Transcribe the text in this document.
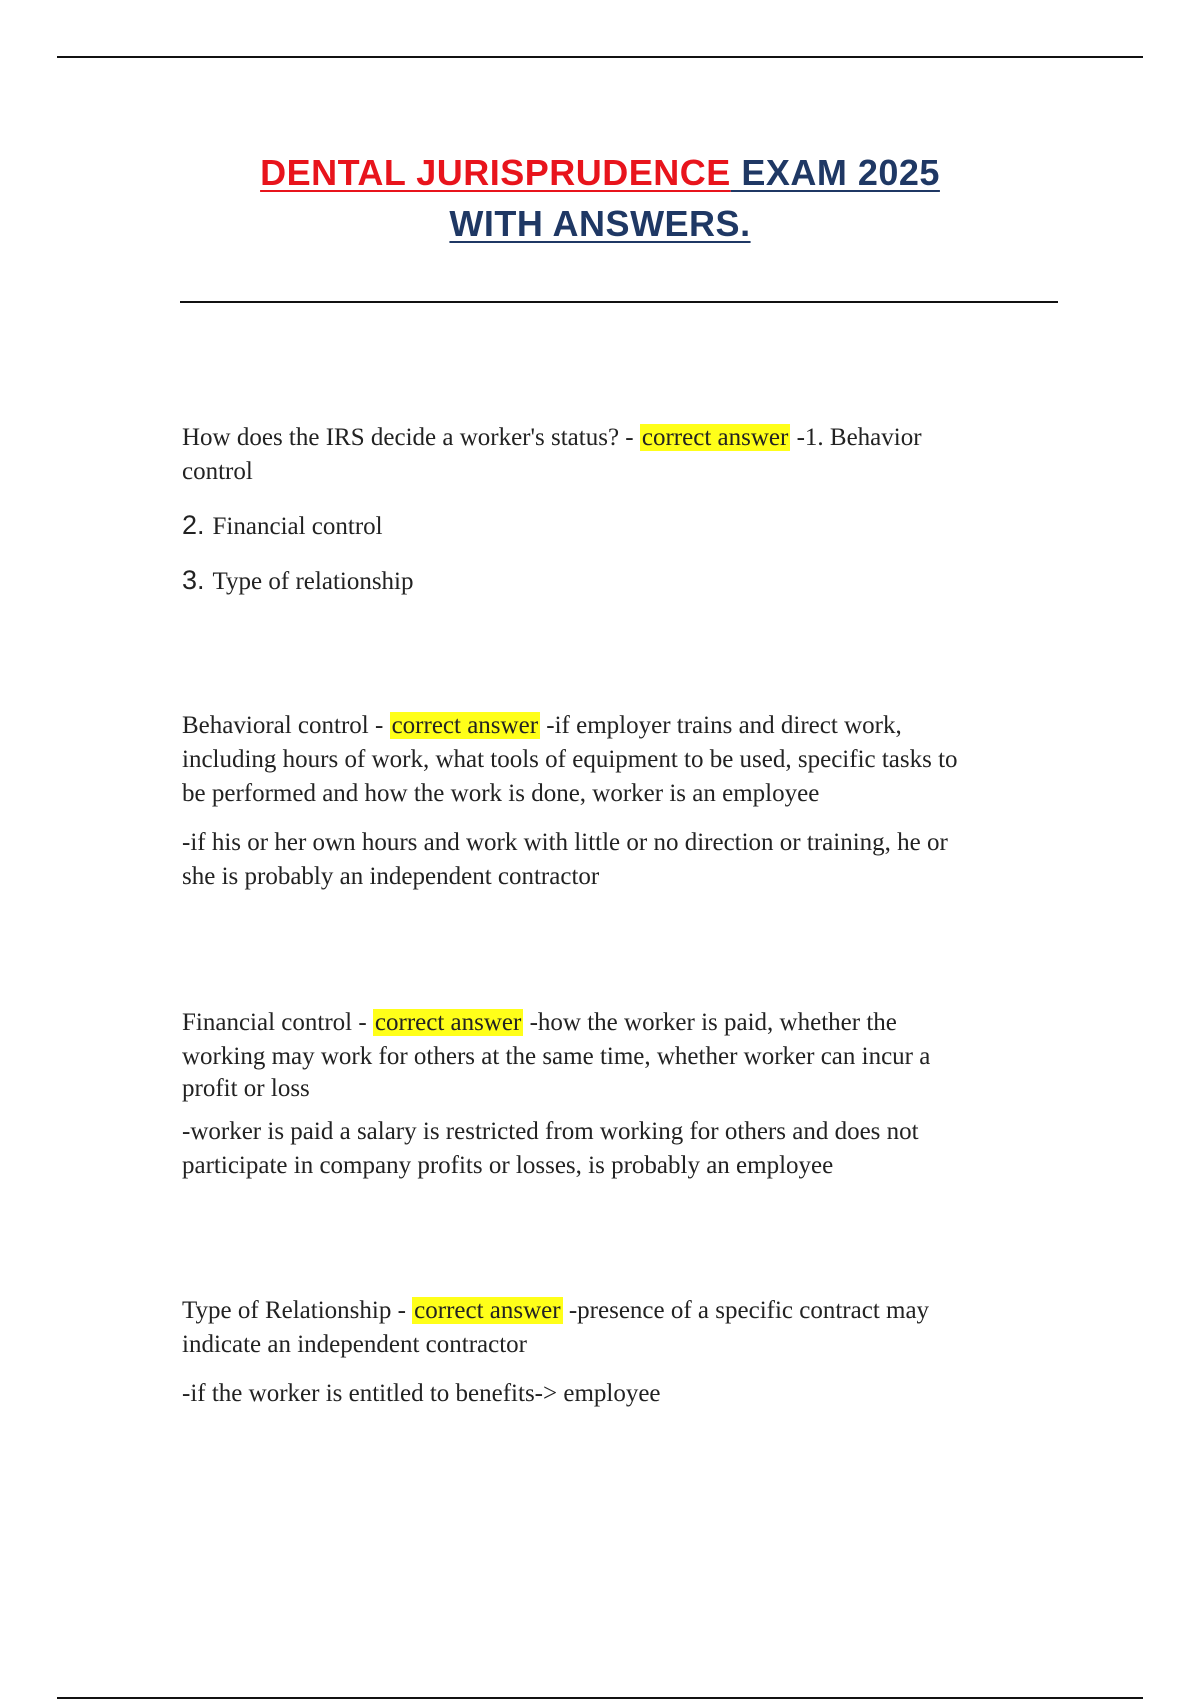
DENTAL JURISPRUDENCE EXAM 2025
WITH ANSWERS.
How does the IRS decide a worker's status? - correct answer -1. Behavior
control
2. Financial control
3. Type of relationship
Behavioral control - correct answer -if employer trains and direct work,
including hours of work, what tools of equipment to be used, specific tasks to
be performed and how the work is done, worker is an employee
-if his or her own hours and work with little or no direction or training, he or
she is probably an independent contractor
Financial control - correct answer -how the worker is paid, whether the
working may work for others at the same time, whether worker can incur a
profit or loss
-worker is paid a salary is restricted from working for others and does not
participate in company profits or losses, is probably an employee
Type of Relationship - correct answer -presence of a specific contract may
indicate an independent contractor
-if the worker is entitled to benefits-> employee
